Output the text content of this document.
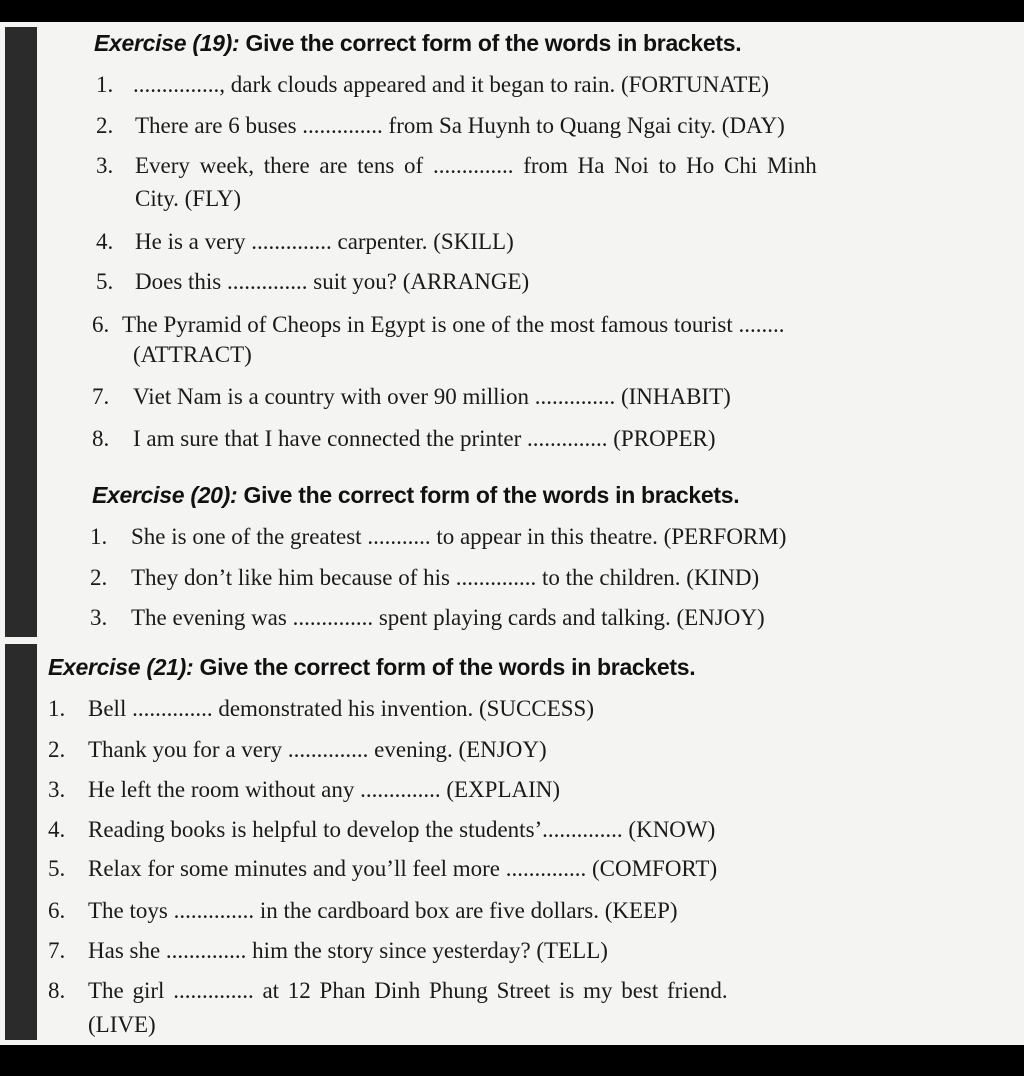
Exercise (19): Give the correct form of the words in brackets.
1. ..............., dark clouds appeared and it began to rain. (FORTUNATE)
2. There are 6 buses .............. from Sa Huynh to Quang Ngai city. (DAY)
3. Every week, there are tens of .............. from Ha Noi to Ho Chi Minh
City. (FLY)
4. He is a very .............. carpenter. (SKILL)
5. Does this .............. suit you? (ARRANGE)
6. The Pyramid of Cheops in Egypt is one of the most famous tourist ........
(ATTRACT)
7. Viet Nam is a country with over 90 million .............. (INHABIT)
8. I am sure that I have connected the printer .............. (PROPER)
Exercise (20): Give the correct form of the words in brackets.
1. She is one of the greatest ........... to appear in this theatre. (PERFORM)
2. They don’t like him because of his .............. to the children. (KIND)
3. The evening was .............. spent playing cards and talking. (ENJOY)
Exercise (21): Give the correct form of the words in brackets.
1. Bell .............. demonstrated his invention. (SUCCESS)
2. Thank you for a very .............. evening. (ENJOY)
3. He left the room without any .............. (EXPLAIN)
4. Reading books is helpful to develop the students’.............. (KNOW)
5. Relax for some minutes and you’ll feel more .............. (COMFORT)
6. The toys .............. in the cardboard box are five dollars. (KEEP)
7. Has she .............. him the story since yesterday? (TELL)
8. The girl .............. at 12 Phan Dinh Phung Street is my best friend.
(LIVE)
